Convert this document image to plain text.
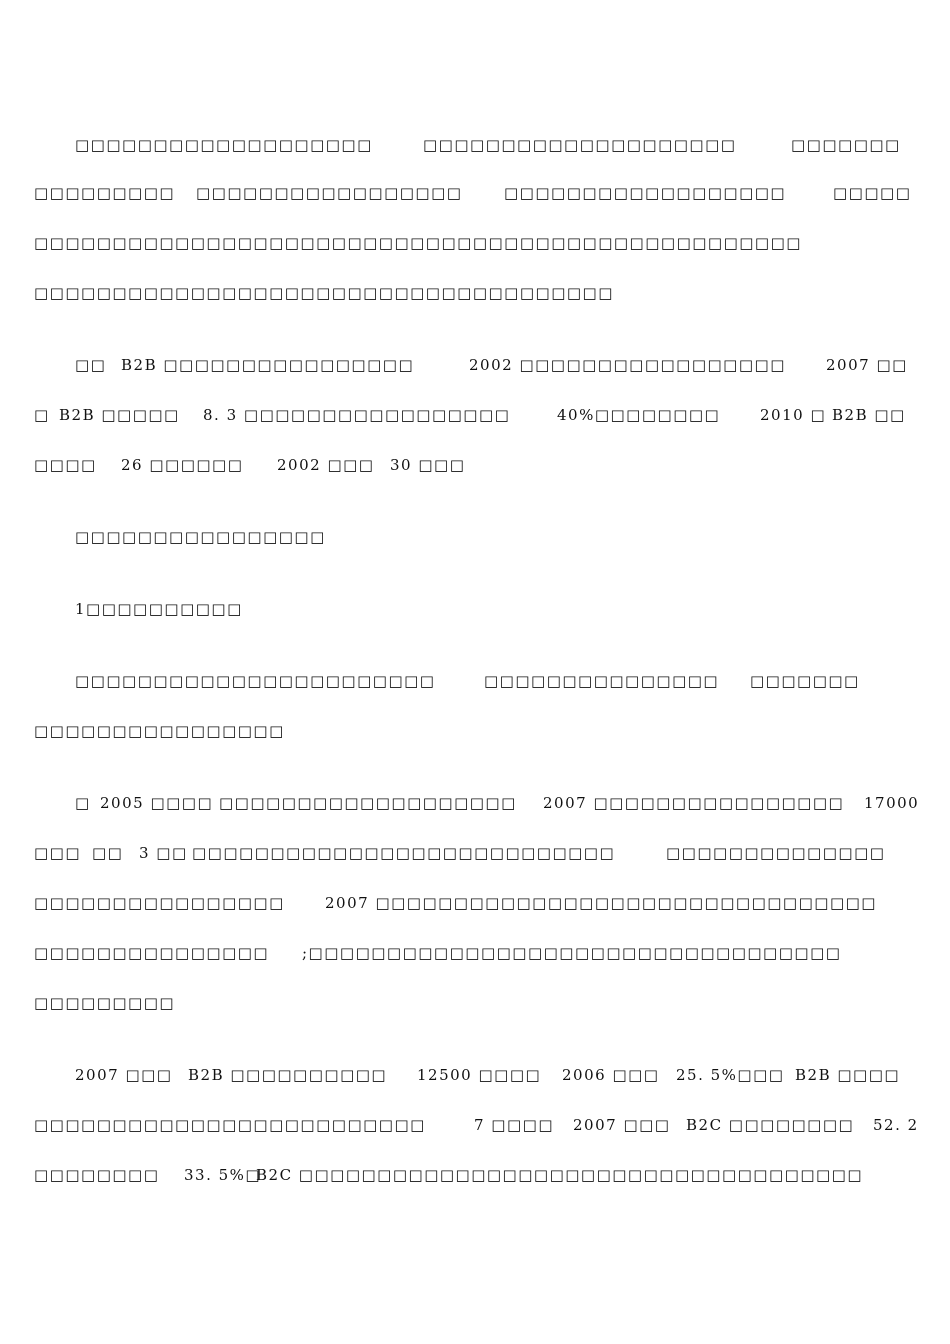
□□□□□□□□□□□□□□□□□□□	□□□□□□□□□□□□□□□□□□□□	□□□□□□□
□□□□□□□□□ □□□□□□□□□□□□□□□□□	□□□□□□□□□□□□□□□□□□	□□□□□
□□□□□□□□□□□□□□□□□□□□□□□□□□□□□□□□□□□□□□□□□□□□□□□□□
□□□□□□□□□□□□□□□□□□□□□□□□□□□□□□□□□□□□□
□□ B2B □□□□□□□□□□□□□□□□	2002 □□□□□□□□□□□□□□□□□	2007 □□
□ B2B □□□□□ 8. 3 □□□□□□□□□□□□□□□□□	40%□□□□□□□□	2010 □ B2B □□
□□□□ 26 □□□□□□ 2002 □□□ 30 □□□
□□□□□□□□□□□□□□□□
1□□□□□□□□□□
□□□□□□□□□□□□□□□□□□□□□□□	□□□□□□□□□□□□□□□ □□□□□□□
□□□□□□□□□□□□□□□□
□ 2005 □□□□ □□□□□□□□□□□□□□□□□□□ 2007 □□□□□□□□□□□□□□□□ 17000
□□□ □□ 3 □□ □□□□□□□□□□□□□□□□□□□□□□□□□□□	□□□□□□□□□□□□□□
□□□□□□□□□□□□□□□□	2007 □□□□□□□□□□□□□□□□□□□□□□□□□□□□□□□□
□□□□□□□□□□□□□□□ ;□□□□□□□□□□□□□□□□□□□□□□□□□□□□□□□□□□
□□□□□□□□□
2007 □□□ B2B □□□□□□□□□□ 12500 □□□□ 2006 □□□ 25. 5%□□□ B2B □□□□
□□□□□□□□□□□□□□□□□□□□□□□□□	7 □□□□ 2007 □□□ B2C □□□□□□□□ 52. 2
□□□□□□□□ 33. 5%□
B2C □□□□□□□□□□□□□□□□□□□□□□□□□□□□□□□□□□□□
